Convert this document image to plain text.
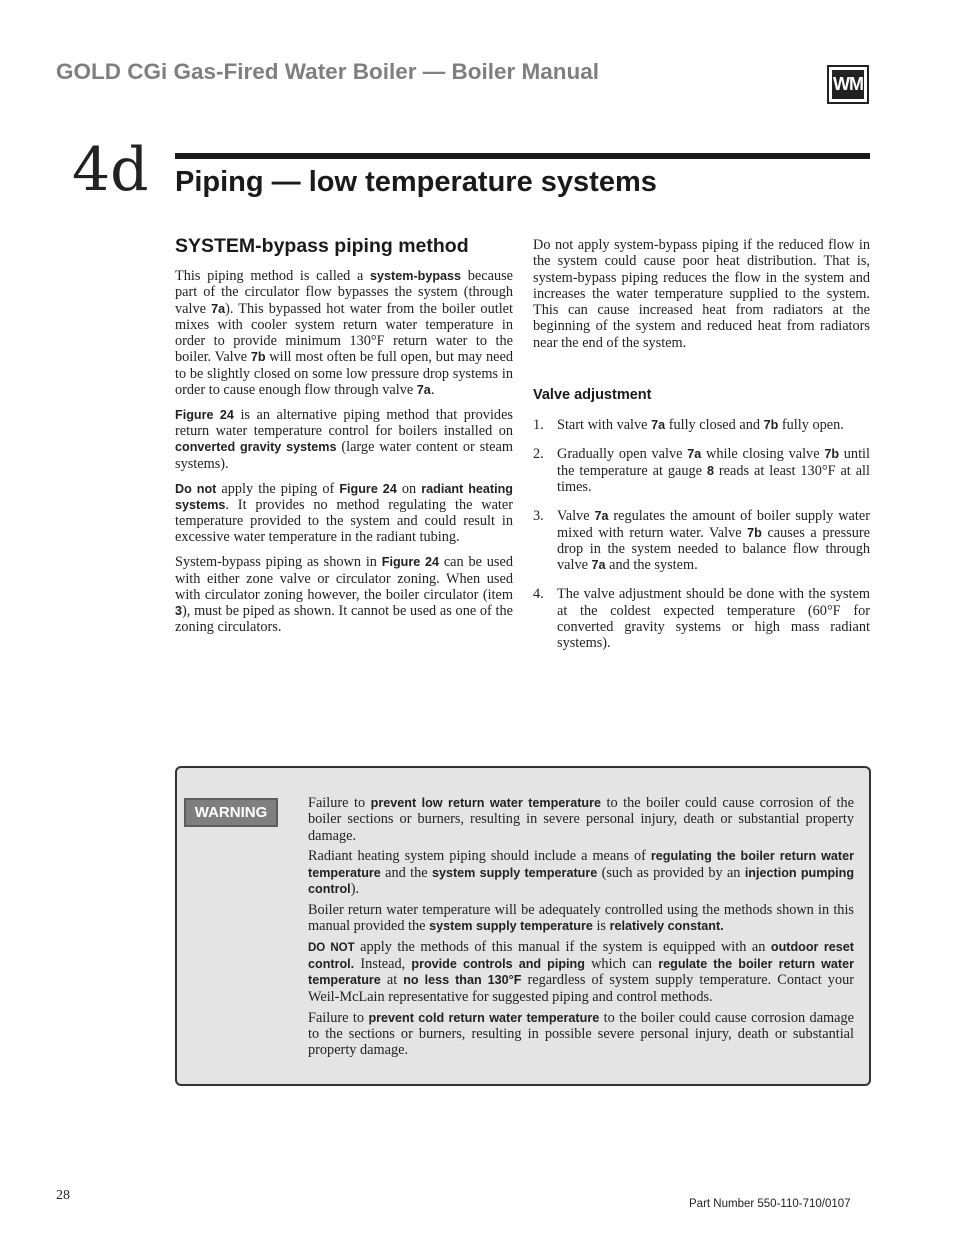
GOLD CGi Gas-Fired Water Boiler — Boiler Manual	WM
4d Piping — low temperature systems
SYSTEM-bypass piping method

This piping method is called a system-bypass because part of the circulator flow bypasses the system (through valve 7a). This bypassed hot water from the boiler outlet mixes with cooler system return water temperature in order to provide minimum 130°F return water to the boiler. Valve 7b will most often be full open, but may need to be slightly closed on some low pressure drop systems in order to cause enough flow through valve 7a.

Figure 24 is an alternative piping method that provides return water temperature control for boilers installed on converted gravity systems (large water content or steam systems).

Do not apply the piping of Figure 24 on radiant heating systems. It provides no method regulating the water temperature provided to the system and could result in excessive water temperature in the radiant tubing.

System-bypass piping as shown in Figure 24 can be used with either zone valve or circulator zoning. When used with circulator zoning however, the boiler circulator (item 3), must be piped as shown. It cannot be used as one of the zoning circulators.

Do not apply system-bypass piping if the reduced flow in the system could cause poor heat distribution. That is, system-bypass piping reduces the flow in the system and increases the water temperature supplied to the system. This can cause increased heat from radiators at the beginning of the system and reduced heat from radiators near the end of the system.

Valve adjustment
1. Start with valve 7a fully closed and 7b fully open.
2. Gradually open valve 7a while closing valve 7b until the temperature at gauge 8 reads at least 130°F at all times.
3. Valve 7a regulates the amount of boiler supply water mixed with return water. Valve 7b causes a pressure drop in the system needed to balance flow through valve 7a and the system.
4. The valve adjustment should be done with the system at the coldest expected temperature (60°F for converted gravity systems or high mass radiant systems).
WARNING

Failure to prevent low return water temperature to the boiler could cause corrosion of the boiler sections or burners, resulting in severe personal injury, death or substantial property damage.

Radiant heating system piping should include a means of regulating the boiler return water temperature and the system supply temperature (such as provided by an injection pumping control).

Boiler return water temperature will be adequately controlled using the methods shown in this manual provided the system supply temperature is relatively constant.

DO NOT apply the methods of this manual if the system is equipped with an outdoor reset control. Instead, provide controls and piping which can regulate the boiler return water temperature at no less than 130°F regardless of system supply temperature. Contact your Weil-McLain representative for suggested piping and control methods.

Failure to prevent cold return water temperature to the boiler could cause corrosion damage to the sections or burners, resulting in possible severe personal injury, death or substantial property damage.

28
Part Number 550-110-710/0107
